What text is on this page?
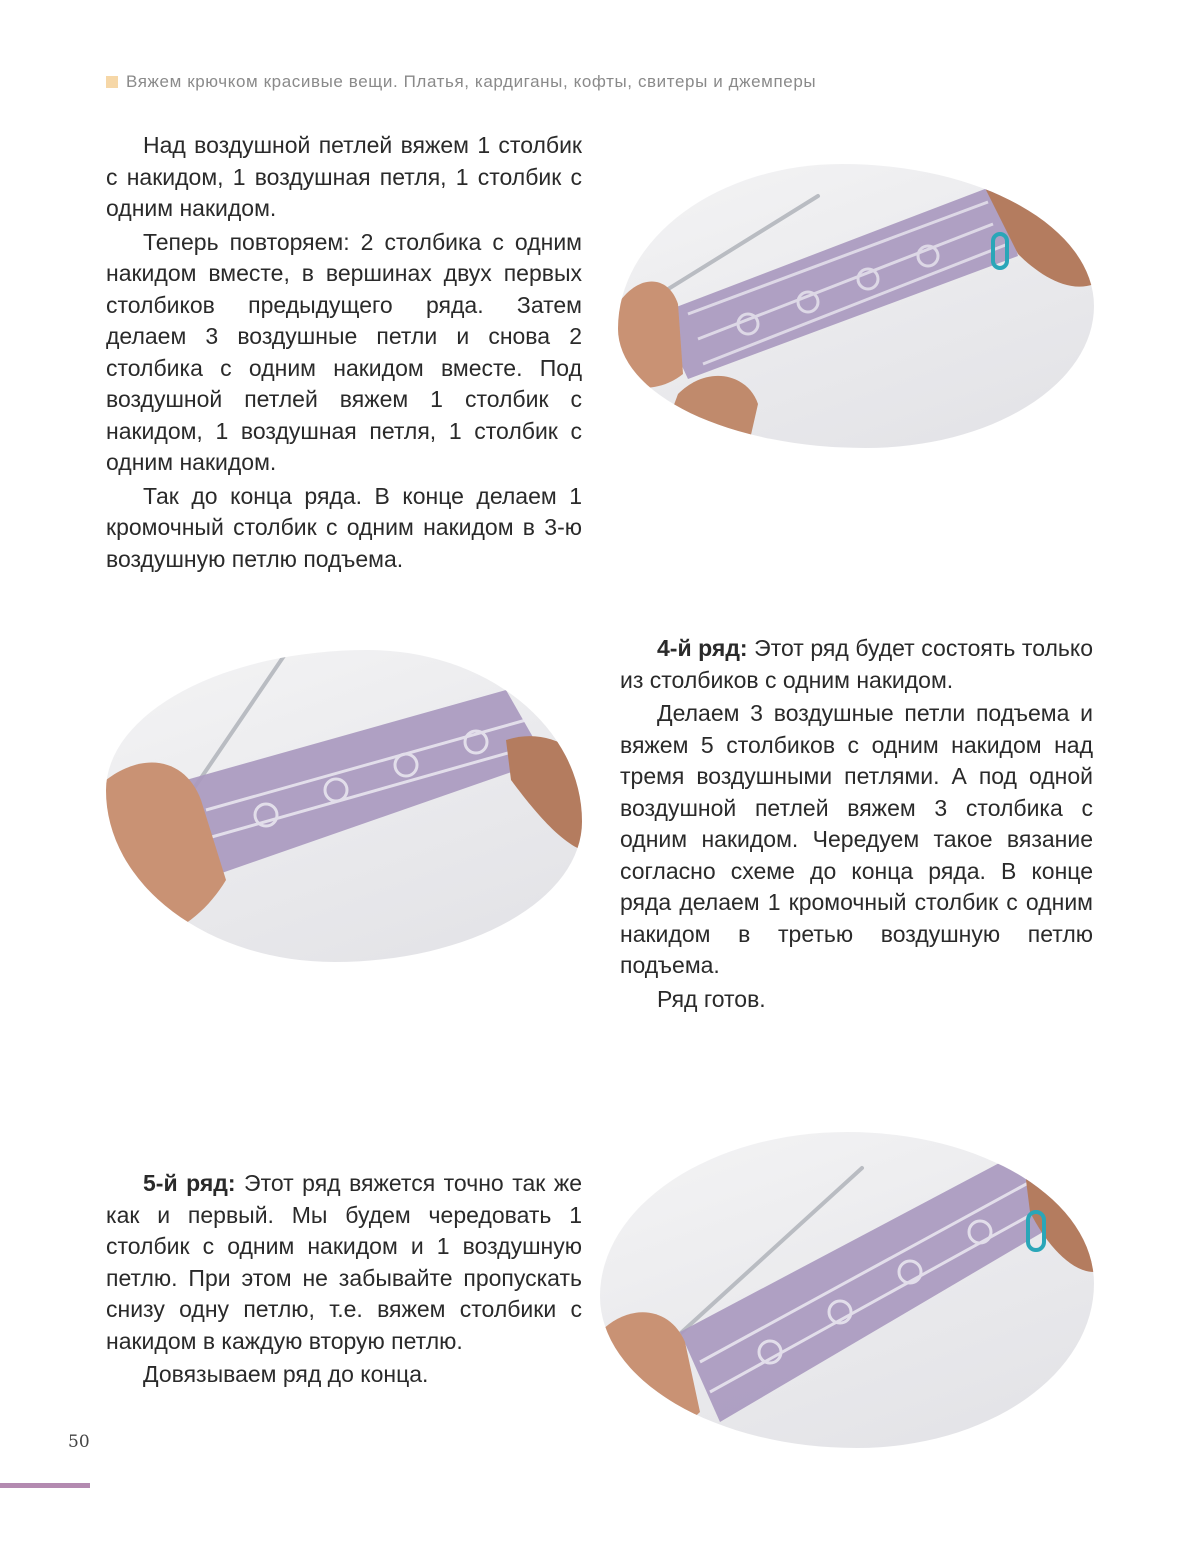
Вяжем крючком красивые вещи. Платья, кардиганы, кофты, свитеры и джемперы

Над воздушной петлей вяжем 1 столбик с накидом, 1 воздушная петля, 1 столбик с одним накидом.

Теперь повторяем: 2 столбика с одним накидом вместе, в вершинах двух первых столбиков предыдущего ряда. Затем делаем 3 воздушные петли и снова 2 столбика с одним накидом вместе. Под воздушной петлей вяжем 1 столбик с накидом, 1 воздушная петля, 1 столбик с одним накидом.

Так до конца ряда. В конце делаем 1 кромочный столбик с одним накидом в 3-ю воздушную петлю подъема.

4-й ряд: Этот ряд будет состоять только из столбиков с одним накидом.

Делаем 3 воздушные петли подъема и вяжем 5 столбиков с одним накидом над тремя воздушными петлями. А под одной воздушной петлей вяжем 3 столбика с одним накидом. Чередуем такое вязание согласно схеме до конца ряда. В конце ряда делаем 1 кромочный столбик с одним накидом в третью воздушную петлю подъема.

Ряд готов.

5-й ряд: Этот ряд вяжется точно так же как и первый. Мы будем чередовать 1 столбик с одним накидом и 1 воздушную петлю. При этом не забывайте пропускать снизу одну петлю, т.е. вяжем столбики с накидом в каждую вторую петлю.

Довязываем ряд до конца.

50
